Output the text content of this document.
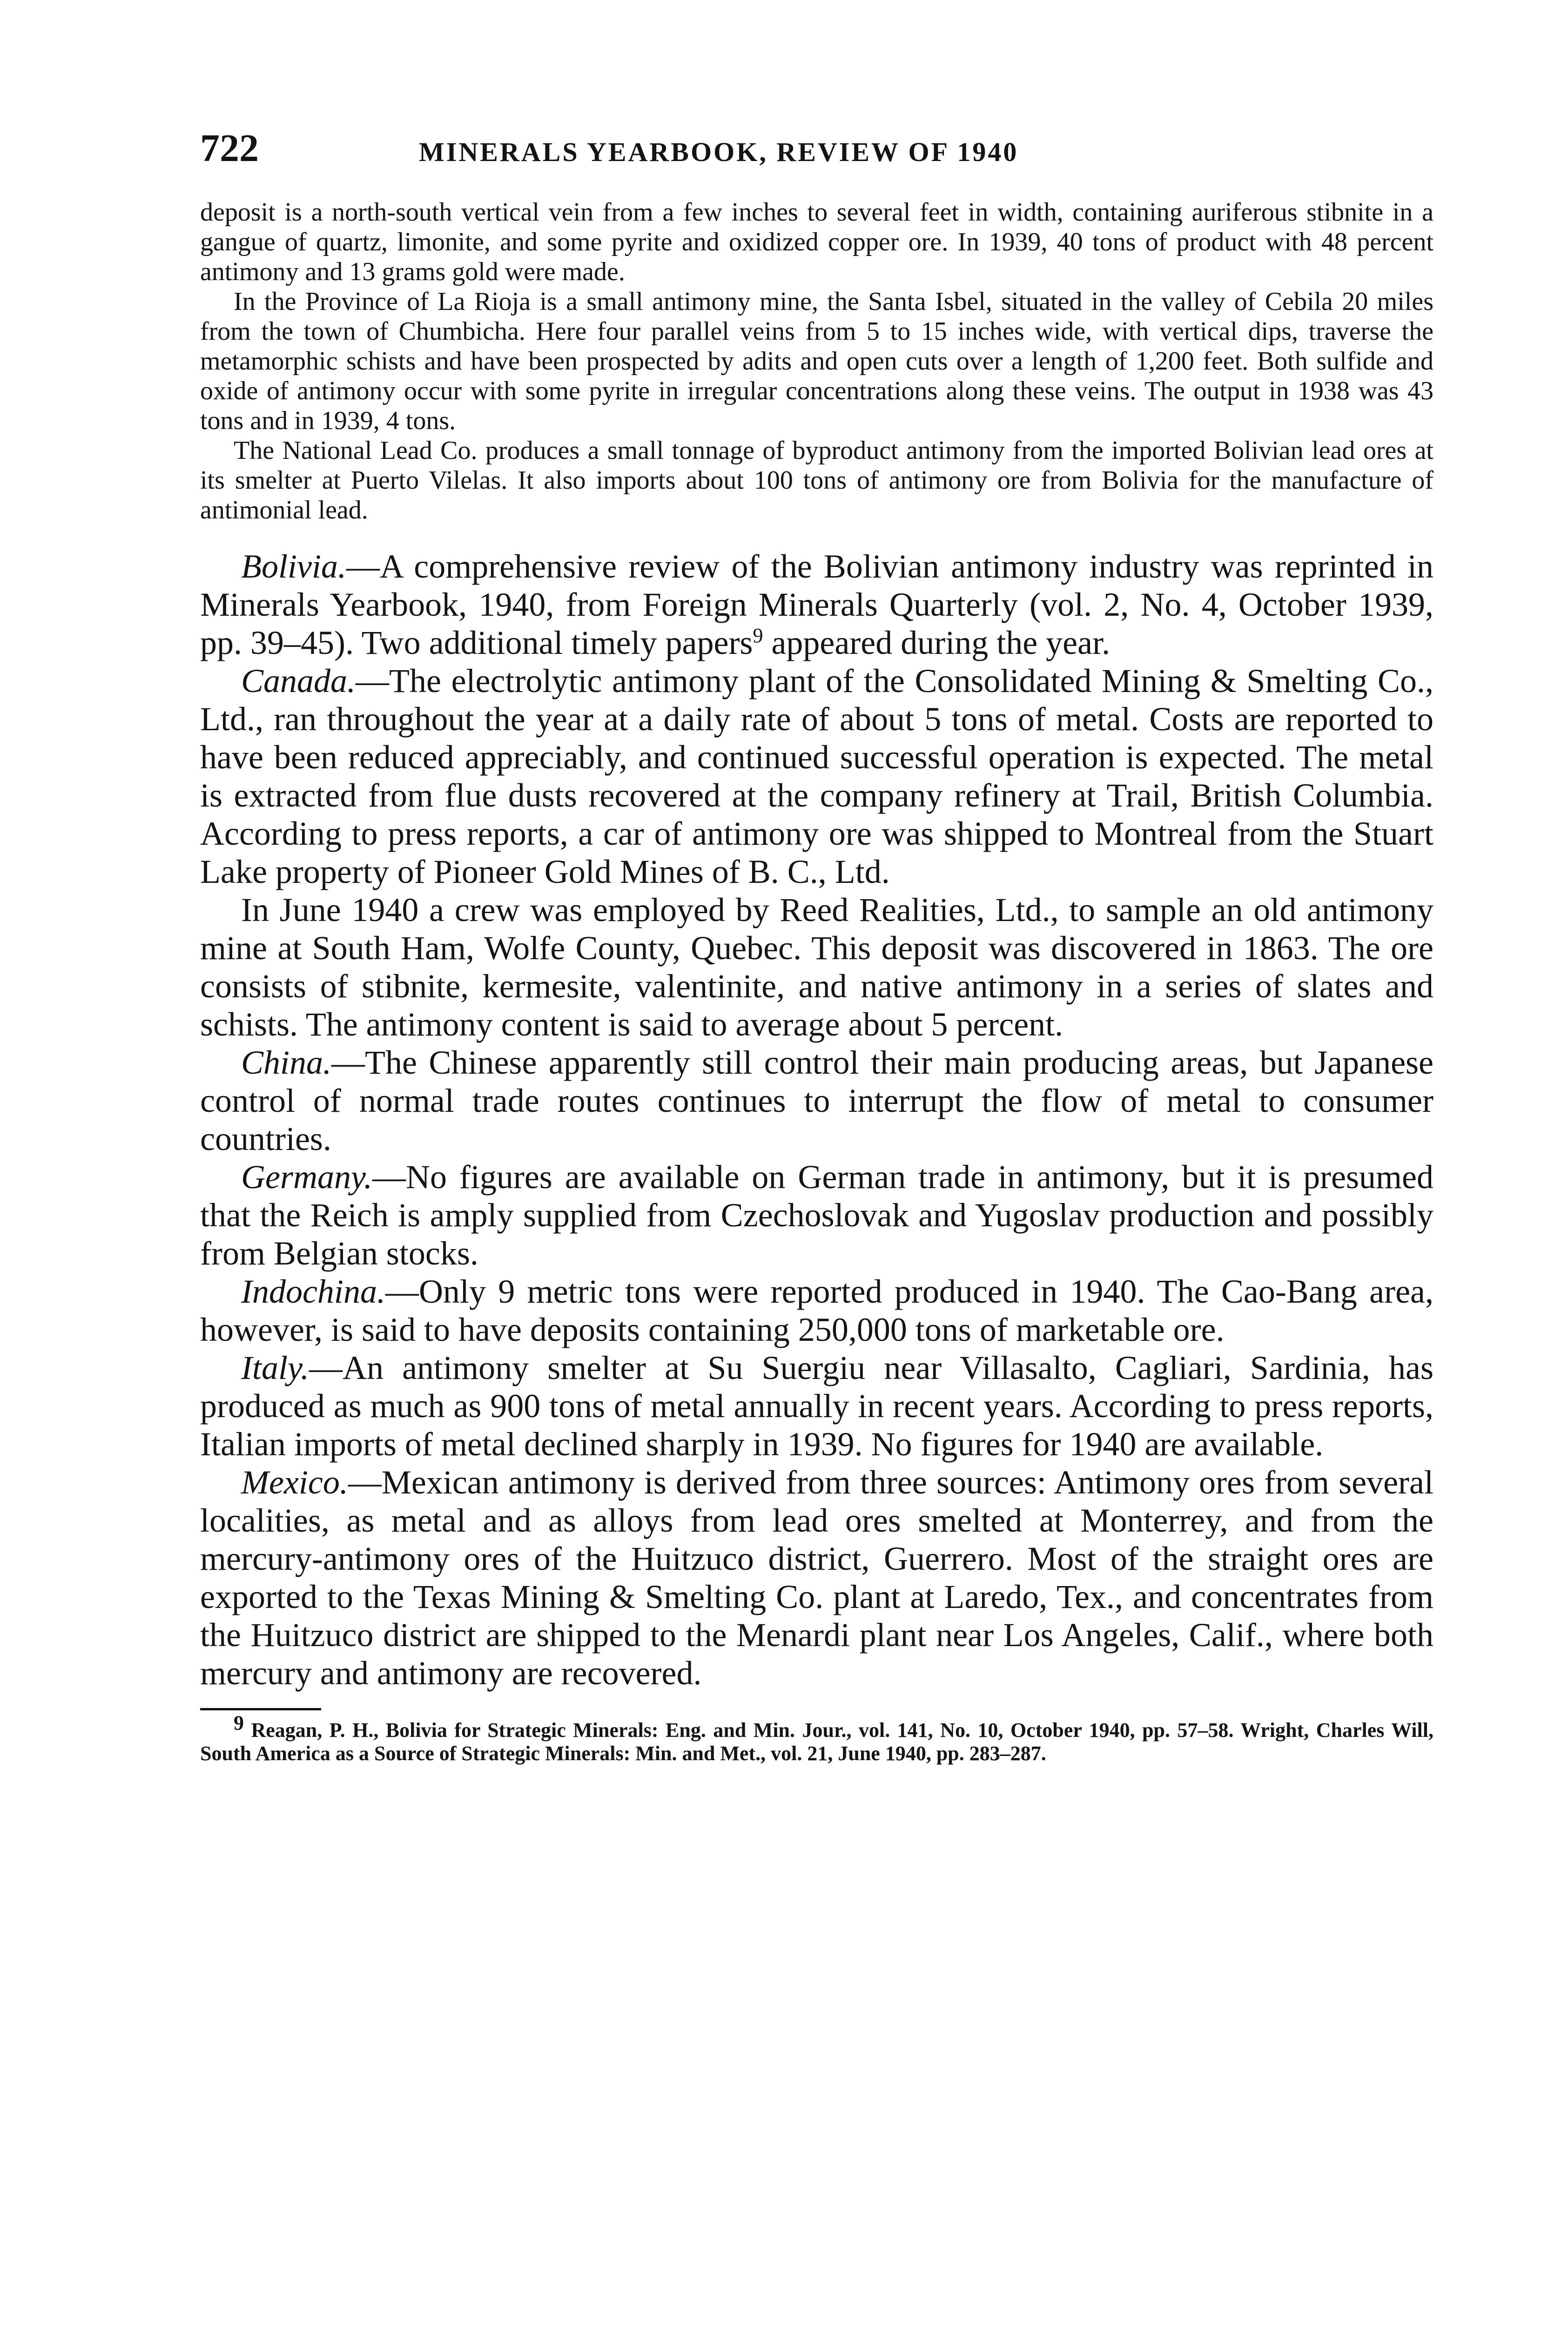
722	MINERALS YEARBOOK, REVIEW OF 1940

deposit is a north-south vertical vein from a few inches to several feet in width, containing auriferous stibnite in a gangue of quartz, limonite, and some pyrite and oxidized copper ore. In 1939, 40 tons of product with 48 percent antimony and 13 grams gold were made.

In the Province of La Rioja is a small antimony mine, the Santa Isbel, situated in the valley of Cebila 20 miles from the town of Chumbicha. Here four parallel veins from 5 to 15 inches wide, with vertical dips, traverse the metamorphic schists and have been prospected by adits and open cuts over a length of 1,200 feet. Both sulfide and oxide of antimony occur with some pyrite in irregular concentrations along these veins. The output in 1938 was 43 tons and in 1939, 4 tons.

The National Lead Co. produces a small tonnage of byproduct antimony from the imported Bolivian lead ores at its smelter at Puerto Vilelas. It also imports about 100 tons of antimony ore from Bolivia for the manufacture of antimonial lead.

Bolivia.—A comprehensive review of the Bolivian antimony industry was reprinted in Minerals Yearbook, 1940, from Foreign Minerals Quarterly (vol. 2, No. 4, October 1939, pp. 39–45). Two additional timely papers$^9$ appeared during the year.

Canada.—The electrolytic antimony plant of the Consolidated Mining & Smelting Co., Ltd., ran throughout the year at a daily rate of about 5 tons of metal. Costs are reported to have been reduced appreciably, and continued successful operation is expected. The metal is extracted from flue dusts recovered at the company refinery at Trail, British Columbia. According to press reports, a car of antimony ore was shipped to Montreal from the Stuart Lake property of Pioneer Gold Mines of B. C., Ltd.

In June 1940 a crew was employed by Reed Realities, Ltd., to sample an old antimony mine at South Ham, Wolfe County, Quebec. This deposit was discovered in 1863. The ore consists of stibnite, kermesite, valentinite, and native antimony in a series of slates and schists. The antimony content is said to average about 5 percent.

China.—The Chinese apparently still control their main producing areas, but Japanese control of normal trade routes continues to interrupt the flow of metal to consumer countries.

Germany.—No figures are available on German trade in antimony, but it is presumed that the Reich is amply supplied from Czechoslovak and Yugoslav production and possibly from Belgian stocks.

Indochina.—Only 9 metric tons were reported produced in 1940. The Cao-Bang area, however, is said to have deposits containing 250,000 tons of marketable ore.

Italy.—An antimony smelter at Su Suergiu near Villasalto, Cagliari, Sardinia, has produced as much as 900 tons of metal annually in recent years. According to press reports, Italian imports of metal declined sharply in 1939. No figures for 1940 are available.

Mexico.—Mexican antimony is derived from three sources: Antimony ores from several localities, as metal and as alloys from lead ores smelted at Monterrey, and from the mercury-antimony ores of the Huitzuco district, Guerrero. Most of the straight ores are exported to the Texas Mining & Smelting Co. plant at Laredo, Tex., and concentrates from the Huitzuco district are shipped to the Menardi plant near Los Angeles, Calif., where both mercury and antimony are recovered.

$^9$ Reagan, P. H., Bolivia for Strategic Minerals: Eng. and Min. Jour., vol. 141, No. 10, October 1940, pp. 57–58. Wright, Charles Will, South America as a Source of Strategic Minerals: Min. and Met., vol. 21, June 1940, pp. 283–287.
